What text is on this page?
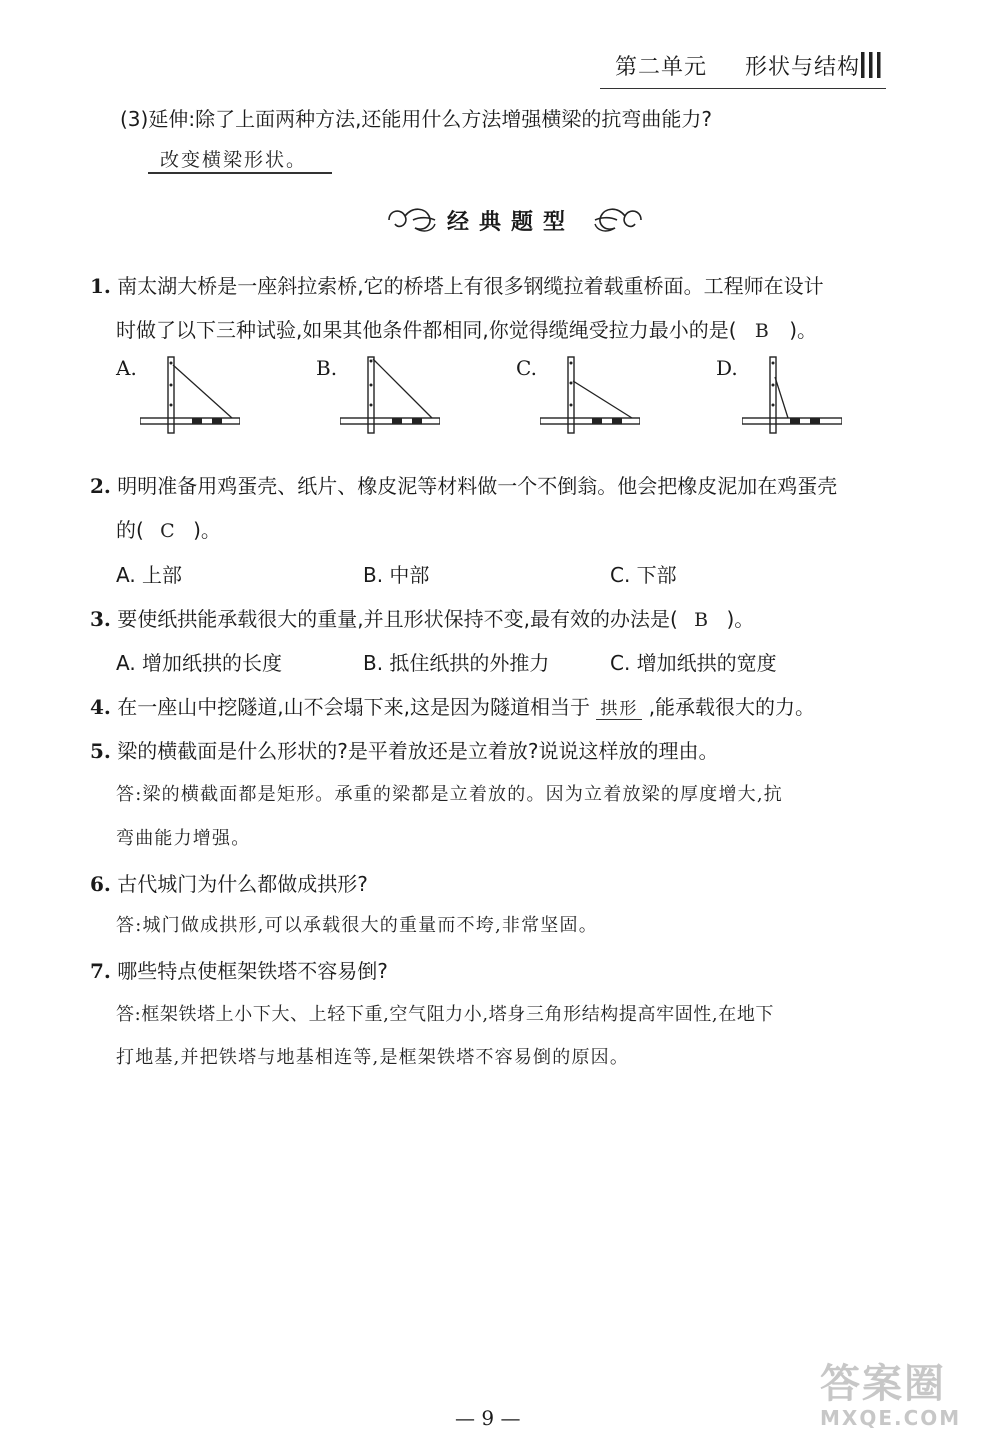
第二单元 形状与结构
(3)延伸:除了上面两种方法,还能用什么方法增强横梁的抗弯曲能力?
改变横梁形状。
经典题型
1. 南太湖大桥是一座斜拉索桥,它的桥塔上有很多钢缆拉着载重桥面。工程师在设计
时做了以下三种试验,如果其他条件都相同,你觉得缆绳受拉力最小的是( B )。
A.	B.	C.	D.
2. 明明准备用鸡蛋壳、纸片、橡皮泥等材料做一个不倒翁。他会把橡皮泥加在鸡蛋壳
的( C )。
A. 上部	B. 中部	C. 下部
3. 要使纸拱能承载很大的重量,并且形状保持不变,最有效的办法是( B )。
A. 增加纸拱的长度	B. 抵住纸拱的外推力	C. 增加纸拱的宽度
4. 在一座山中挖隧道,山不会塌下来,这是因为隧道相当于 拱形 ,能承载很大的力。
5. 梁的横截面是什么形状的?是平着放还是立着放?说说这样放的理由。
答:梁的横截面都是矩形。承重的梁都是立着放的。因为立着放梁的厚度增大,抗
弯曲能力增强。
6. 古代城门为什么都做成拱形?
答:城门做成拱形,可以承载很大的重量而不垮,非常坚固。
7. 哪些特点使框架铁塔不容易倒?
答:框架铁塔上小下大、上轻下重,空气阻力小,塔身三角形结构提高牢固性,在地下
打地基,并把铁塔与地基相连等,是框架铁塔不容易倒的原因。
— 9 —
答案圈
MXQE.COM
